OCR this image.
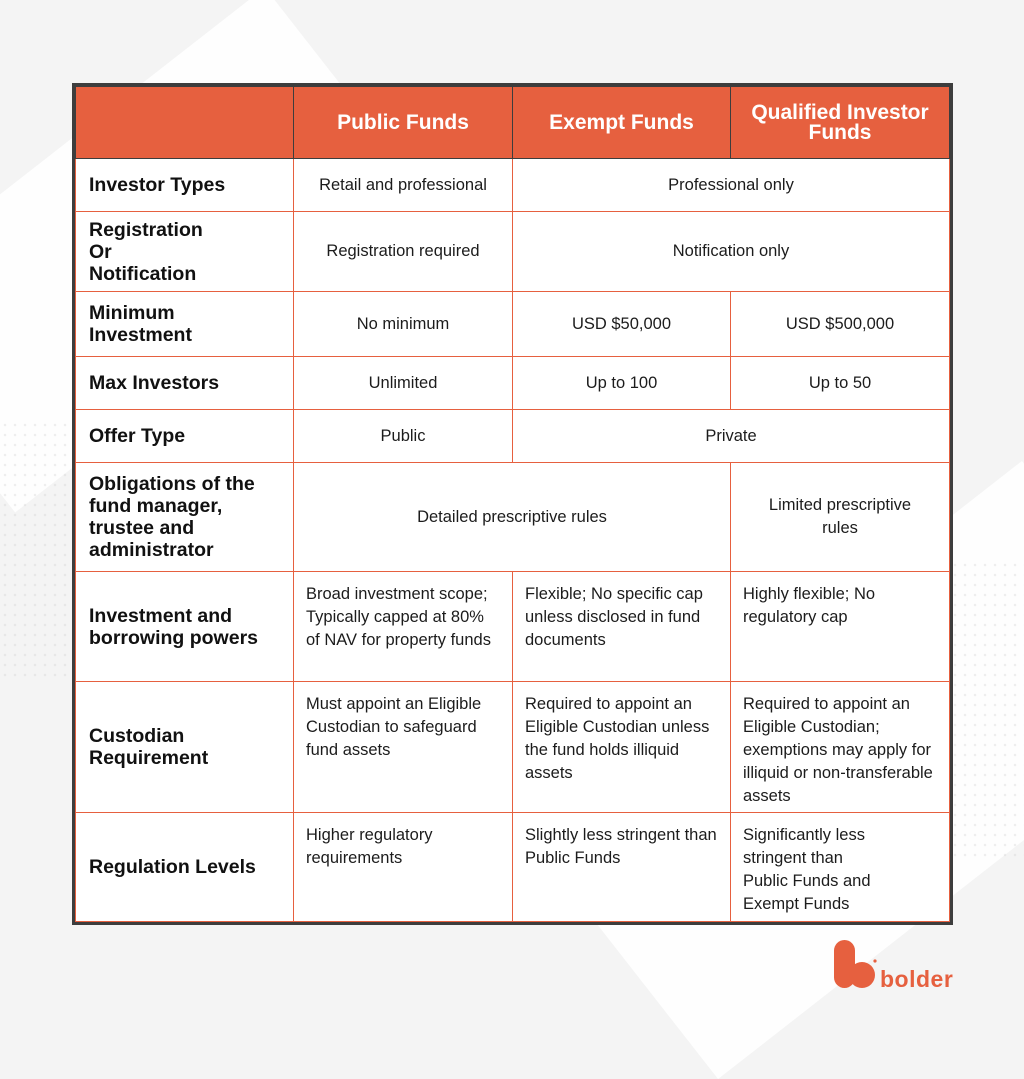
	Public Funds	Exempt Funds	Qualified Investor Funds
Investor Types	Retail and professional	Professional only	
Registration Or Notification	Registration required	Notification only	
Minimum Investment	No minimum	USD $50,000	USD $500,000
Max Investors	Unlimited	Up to 100	Up to 50
Offer Type	Public	Private	
Obligations of the fund manager, trustee and administrator	Detailed prescriptive rules		Limited prescriptive rules
Investment and borrowing powers	Broad investment scope; Typically capped at 80% of NAV for property funds	Flexible; No specific cap unless disclosed in fund documents	Highly flexible; No regulatory cap
Custodian Requirement	Must appoint an Eligible Custodian to safeguard fund assets	Required to appoint an Eligible Custodian unless the fund holds illiquid assets	Required to appoint an Eligible Custodian; exemptions may apply for illiquid or non-transferable assets
Regulation Levels	Higher regulatory requirements	Slightly less stringent than Public Funds	Significantly less stringent than Public Funds and Exempt Funds
bolder
